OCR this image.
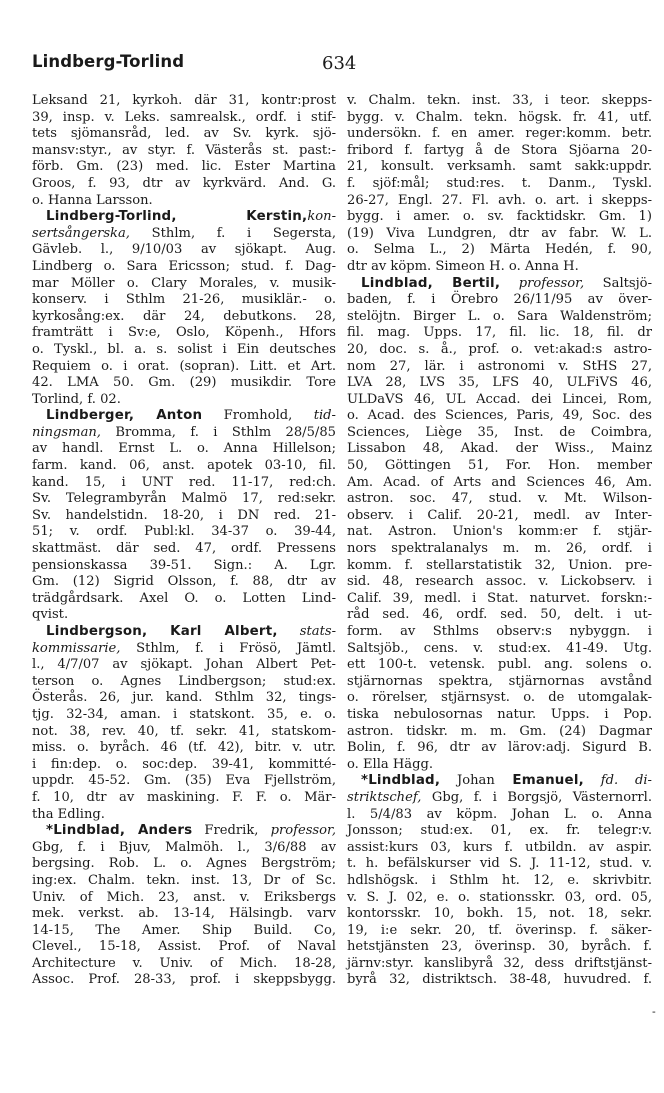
Lindberg-Torlind	634
Leksand 21, kyrkoh. där 31, kontr:prost
39, insp. v. Leks. samrealsk., ordf. i stif-
tets sjömansråd, led. av Sv. kyrk. sjö-
mansv:styr., av styr. f. Västerås st. past:-
förb. Gm. (23) med. lic. Ester Martina
Groos, f. 93, dtr av kyrkvärd. And. G.
o. Hanna Larsson.
Lindberg-Torlind, Kerstin,kon-
sertsångerska, Sthlm, f. i Segersta,
Gävleb. l., 9/10/03 av sjökapt. Aug.
Lindberg o. Sara Ericsson; stud. f. Dag-
mar Möller o. Clary Morales, v. musik-
konserv. i Sthlm 21-26, musiklär.- o.
kyrkosång:ex. där 24, debutkons. 28,
framträtt i Sv:e, Oslo, Köpenh., Hfors
o. Tyskl., bl. a. s. solist i Ein deutsches
Requiem o. i orat. (sopran). Litt. et Art.
42. LMA 50. Gm. (29) musikdir. Tore
Torlind, f. 02.
Lindberger, Anton Fromhold, tid-
ningsman, Bromma, f. i Sthlm 28/5/85
av handl. Ernst L. o. Anna Hillelson;
farm. kand. 06, anst. apotek 03-10, fil.
kand. 15, i UNT red. 11-17, red:ch.
Sv. Telegrambyrån Malmö 17, red:sekr.
Sv. handelstidn. 18-20, i DN red. 21-
51; v. ordf. Publ:kl. 34-37 o. 39-44,
skattmäst. där sed. 47, ordf. Pressens
pensionskassa 39-51. Sign.: A. Lgr.
Gm. (12) Sigrid Olsson, f. 88, dtr av
trädgårdsark. Axel O. o. Lotten Lind-
qvist.
Lindbergson, Karl Albert, stats-
kommissarie, Sthlm, f. i Frösö, Jämtl.
l., 4/7/07 av sjökapt. Johan Albert Pet-
terson o. Agnes Lindbergson; stud:ex.
Österås. 26, jur. kand. Sthlm 32, tings-
tjg. 32-34, aman. i statskont. 35, e. o.
not. 38, rev. 40, tf. sekr. 41, statskom-
miss. o. byråch. 46 (tf. 42), bitr. v. utr.
i fin:dep. o. soc:dep. 39-41, kommitté-
uppdr. 45-52. Gm. (35) Eva Fjellström,
f. 10, dtr av maskining. F. F. o. Mär-
tha Edling.
*Lindblad, Anders Fredrik, professor,
Gbg, f. i Bjuv, Malmöh. l., 3/6/88 av
bergsing. Rob. L. o. Agnes Bergström;
ing:ex. Chalm. tekn. inst. 13, Dr of Sc.
Univ. of Mich. 23, anst. v. Eriksbergs
mek. verkst. ab. 13-14, Hälsingb. varv
14-15, The Amer. Ship Build. Co,
Clevel., 15-18, Assist. Prof. of Naval
Architecture v. Univ. of Mich. 18-28,
Assoc. Prof. 28-33, prof. i skeppsbygg.
v. Chalm. tekn. inst. 33, i teor. skepps-
bygg. v. Chalm. tekn. högsk. fr. 41, utf.
undersökn. f. en amer. reger:komm. betr.
fribord f. fartyg å de Stora Sjöarna 20-
21, konsult. verksamh. samt sakk:uppdr.
f. sjöf:mål; stud:res. t. Danm., Tyskl.
26-27, Engl. 27. Fl. avh. o. art. i skepps-
bygg. i amer. o. sv. facktidskr. Gm. 1)
(19) Viva Lundgren, dtr av fabr. W. L.
o. Selma L., 2) Märta Hedén, f. 90,
dtr av köpm. Simeon H. o. Anna H.
Lindblad, Bertil, professor, Saltsjö-
baden, f. i Örebro 26/11/95 av över-
stelöjtn. Birger L. o. Sara Waldenström;
fil. mag. Upps. 17, fil. lic. 18, fil. dr
20, doc. s. å., prof. o. vet:akad:s astro-
nom 27, lär. i astronomi v. StHS 27,
LVA 28, LVS 35, LFS 40, ULFiVS 46,
ULDaVS 46, UL Accad. dei Lincei, Rom,
o. Acad. des Sciences, Paris, 49, Soc. des
Sciences, Liège 35, Inst. de Coimbra,
Lissabon 48, Akad. der Wiss., Mainz
50, Göttingen 51, For. Hon. member
Am. Acad. of Arts and Sciences 46, Am.
astron. soc. 47, stud. v. Mt. Wilson-
observ. i Calif. 20-21, medl. av Inter-
nat. Astron. Union's komm:er f. stjär-
nors spektralanalys m. m. 26, ordf. i
komm. f. stellarstatistik 32, Union. pre-
sid. 48, research assoc. v. Lickobserv. i
Calif. 39, medl. i Stat. naturvet. forskn:-
råd sed. 46, ordf. sed. 50, delt. i ut-
form. av Sthlms observ:s nybyggn. i
Saltsjöb., cens. v. stud:ex. 41-49. Utg.
ett 100-t. vetensk. publ. ang. solens o.
stjärnornas spektra, stjärnornas avstånd
o. rörelser, stjärnsyst. o. de utomgalak-
tiska nebulosornas natur. Upps. i Pop.
astron. tidskr. m. m. Gm. (24) Dagmar
Bolin, f. 96, dtr av lärov:adj. Sigurd B.
o. Ella Hägg.
*Lindblad, Johan Emanuel, fd. di-
striktschef, Gbg, f. i Borgsjö, Västernorrl.
l. 5/4/83 av köpm. Johan L. o. Anna
Jonsson; stud:ex. 01, ex. fr. telegr:v.
assist:kurs 03, kurs f. utbildn. av aspir.
t. h. befälskurser vid S. J. 11-12, stud. v.
hdlshögsk. i Sthlm ht. 12, e. skrivbitr.
v. S. J. 02, e. o. stationsskr. 03, ord. 05,
kontorsskr. 10, bokh. 15, not. 18, sekr.
19, i:e sekr. 20, tf. överinsp. f. säker-
hetstjänsten 23, överinsp. 30, byråch. f.
järnv:styr. kanslibyrå 32, dess driftstjänst-
byrå 32, distriktsch. 38-48, huvudred. f.
-
